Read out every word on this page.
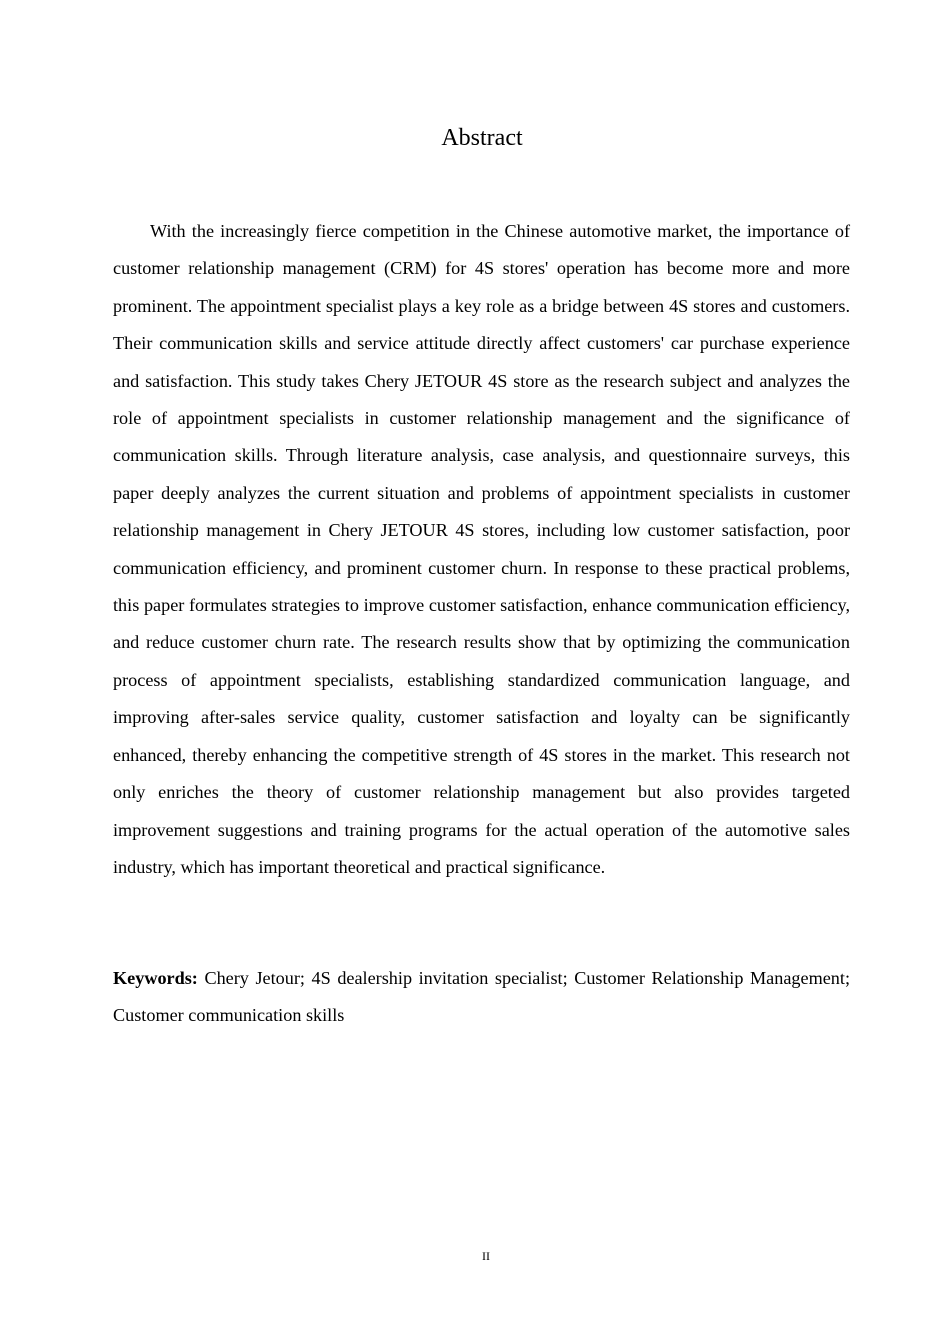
Abstract

With the increasingly fierce competition in the Chinese automotive market, the importance of customer relationship management (CRM) for 4S stores' operation has become more and more prominent. The appointment specialist plays a key role as a bridge between 4S stores and customers. Their communication skills and service attitude directly affect customers' car purchase experience and satisfaction. This study takes Chery JETOUR 4S store as the research subject and analyzes the role of appointment specialists in customer relationship management and the significance of communication skills. Through literature analysis, case analysis, and questionnaire surveys, this paper deeply analyzes the current situation and problems of appointment specialists in customer relationship management in Chery JETOUR 4S stores, including low customer satisfaction, poor communication efficiency, and prominent customer churn. In response to these practical problems, this paper formulates strategies to improve customer satisfaction, enhance communication efficiency, and reduce customer churn rate. The research results show that by optimizing the communication process of appointment specialists, establishing standardized communication language, and improving after-sales service quality, customer satisfaction and loyalty can be significantly enhanced, thereby enhancing the competitive strength of 4S stores in the market. This research not only enriches the theory of customer relationship management but also provides targeted improvement suggestions and training programs for the actual operation of the automotive sales industry, which has important theoretical and practical significance.

Keywords: Chery Jetour; 4S dealership invitation specialist; Customer Relationship Management; Customer communication skills

II
